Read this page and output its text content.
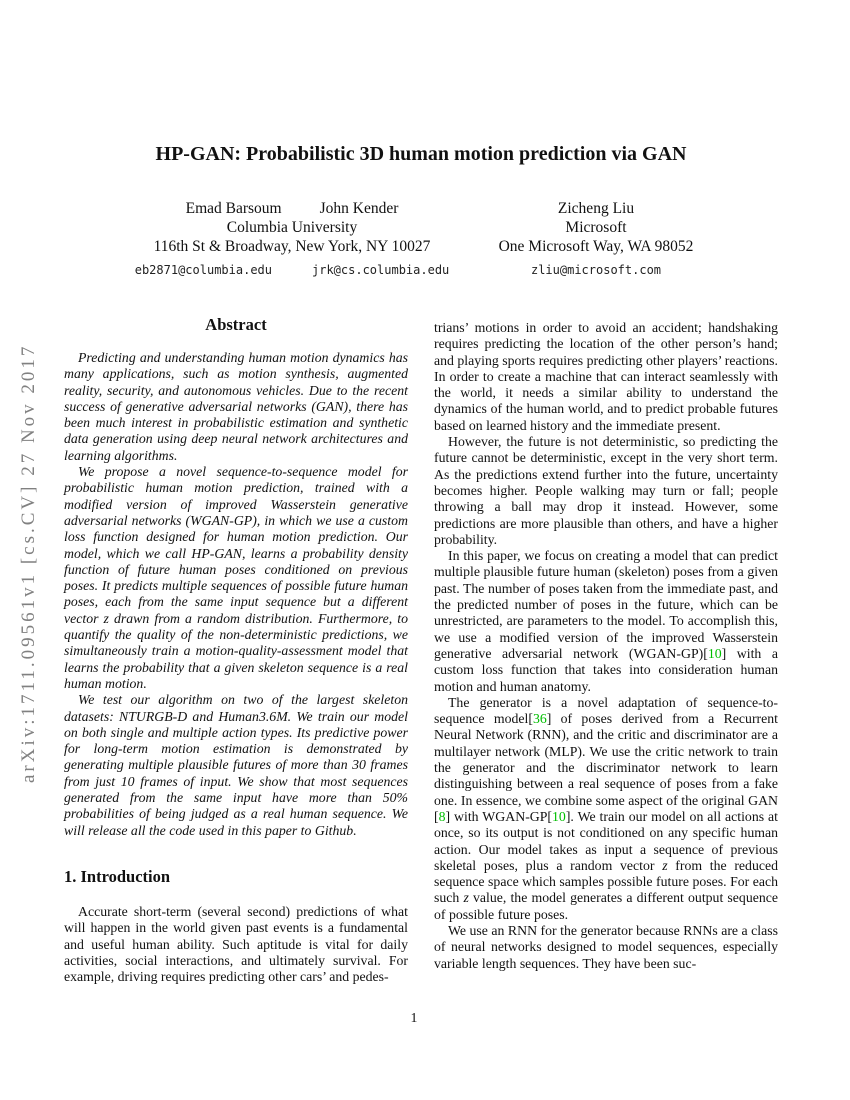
arXiv:1711.09561v1 [cs.CV] 27 Nov 2017
HP-GAN: Probabilistic 3D human motion prediction via GAN
Emad Barsoum John Kender
Columbia University
116th St & Broadway, New York, NY 10027
eb2871@columbia.edu	jrk@cs.columbia.edu
Zicheng Liu
Microsoft
One Microsoft Way, WA 98052
zliu@microsoft.com
Abstract

Predicting and understanding human motion dynamics has many applications, such as motion synthesis, augmented reality, security, and autonomous vehicles. Due to the recent success of generative adversarial networks (GAN), there has been much interest in probabilistic estimation and synthetic data generation using deep neural network architectures and learning algorithms.

We propose a novel sequence-to-sequence model for probabilistic human motion prediction, trained with a modified version of improved Wasserstein generative adversarial networks (WGAN-GP), in which we use a custom loss function designed for human motion prediction. Our model, which we call HP-GAN, learns a probability density function of future human poses conditioned on previous poses. It predicts multiple sequences of possible future human poses, each from the same input sequence but a different vector z drawn from a random distribution. Furthermore, to quantify the quality of the non-deterministic predictions, we simultaneously train a motion-quality-assessment model that learns the probability that a given skeleton sequence is a real human motion.

We test our algorithm on two of the largest skeleton datasets: NTURGB-D and Human3.6M. We train our model on both single and multiple action types. Its predictive power for long-term motion estimation is demonstrated by generating multiple plausible futures of more than 30 frames from just 10 frames of input. We show that most sequences generated from the same input have more than 50% probabilities of being judged as a real human sequence. We will release all the code used in this paper to Github.

1. Introduction

Accurate short-term (several second) predictions of what will happen in the world given past events is a fundamental and useful human ability. Such aptitude is vital for daily activities, social interactions, and ultimately survival. For example, driving requires predicting other cars’ and pedes-

trians’ motions in order to avoid an accident; handshaking requires predicting the location of the other person’s hand; and playing sports requires predicting other players’ reactions. In order to create a machine that can interact seamlessly with the world, it needs a similar ability to understand the dynamics of the human world, and to predict probable futures based on learned history and the immediate present.

However, the future is not deterministic, so predicting the future cannot be deterministic, except in the very short term. As the predictions extend further into the future, uncertainty becomes higher. People walking may turn or fall; people throwing a ball may drop it instead. However, some predictions are more plausible than others, and have a higher probability.

In this paper, we focus on creating a model that can predict multiple plausible future human (skeleton) poses from a given past. The number of poses taken from the immediate past, and the predicted number of poses in the future, which can be unrestricted, are parameters to the model. To accomplish this, we use a modified version of the improved Wasserstein generative adversarial network (WGAN-GP)[10] with a custom loss function that takes into consideration human motion and human anatomy.

The generator is a novel adaptation of sequence-to-sequence model[36] of poses derived from a Recurrent Neural Network (RNN), and the critic and discriminator are a multilayer network (MLP). We use the critic network to train the generator and the discriminator network to learn distinguishing between a real sequence of poses from a fake one. In essence, we combine some aspect of the original GAN [8] with WGAN-GP[10]. We train our model on all actions at once, so its output is not conditioned on any specific human action. Our model takes as input a sequence of previous skeletal poses, plus a random vector z from the reduced sequence space which samples possible future poses. For each such z value, the model generates a different output sequence of possible future poses.

We use an RNN for the generator because RNNs are a class of neural networks designed to model sequences, especially variable length sequences. They have been suc-

1
